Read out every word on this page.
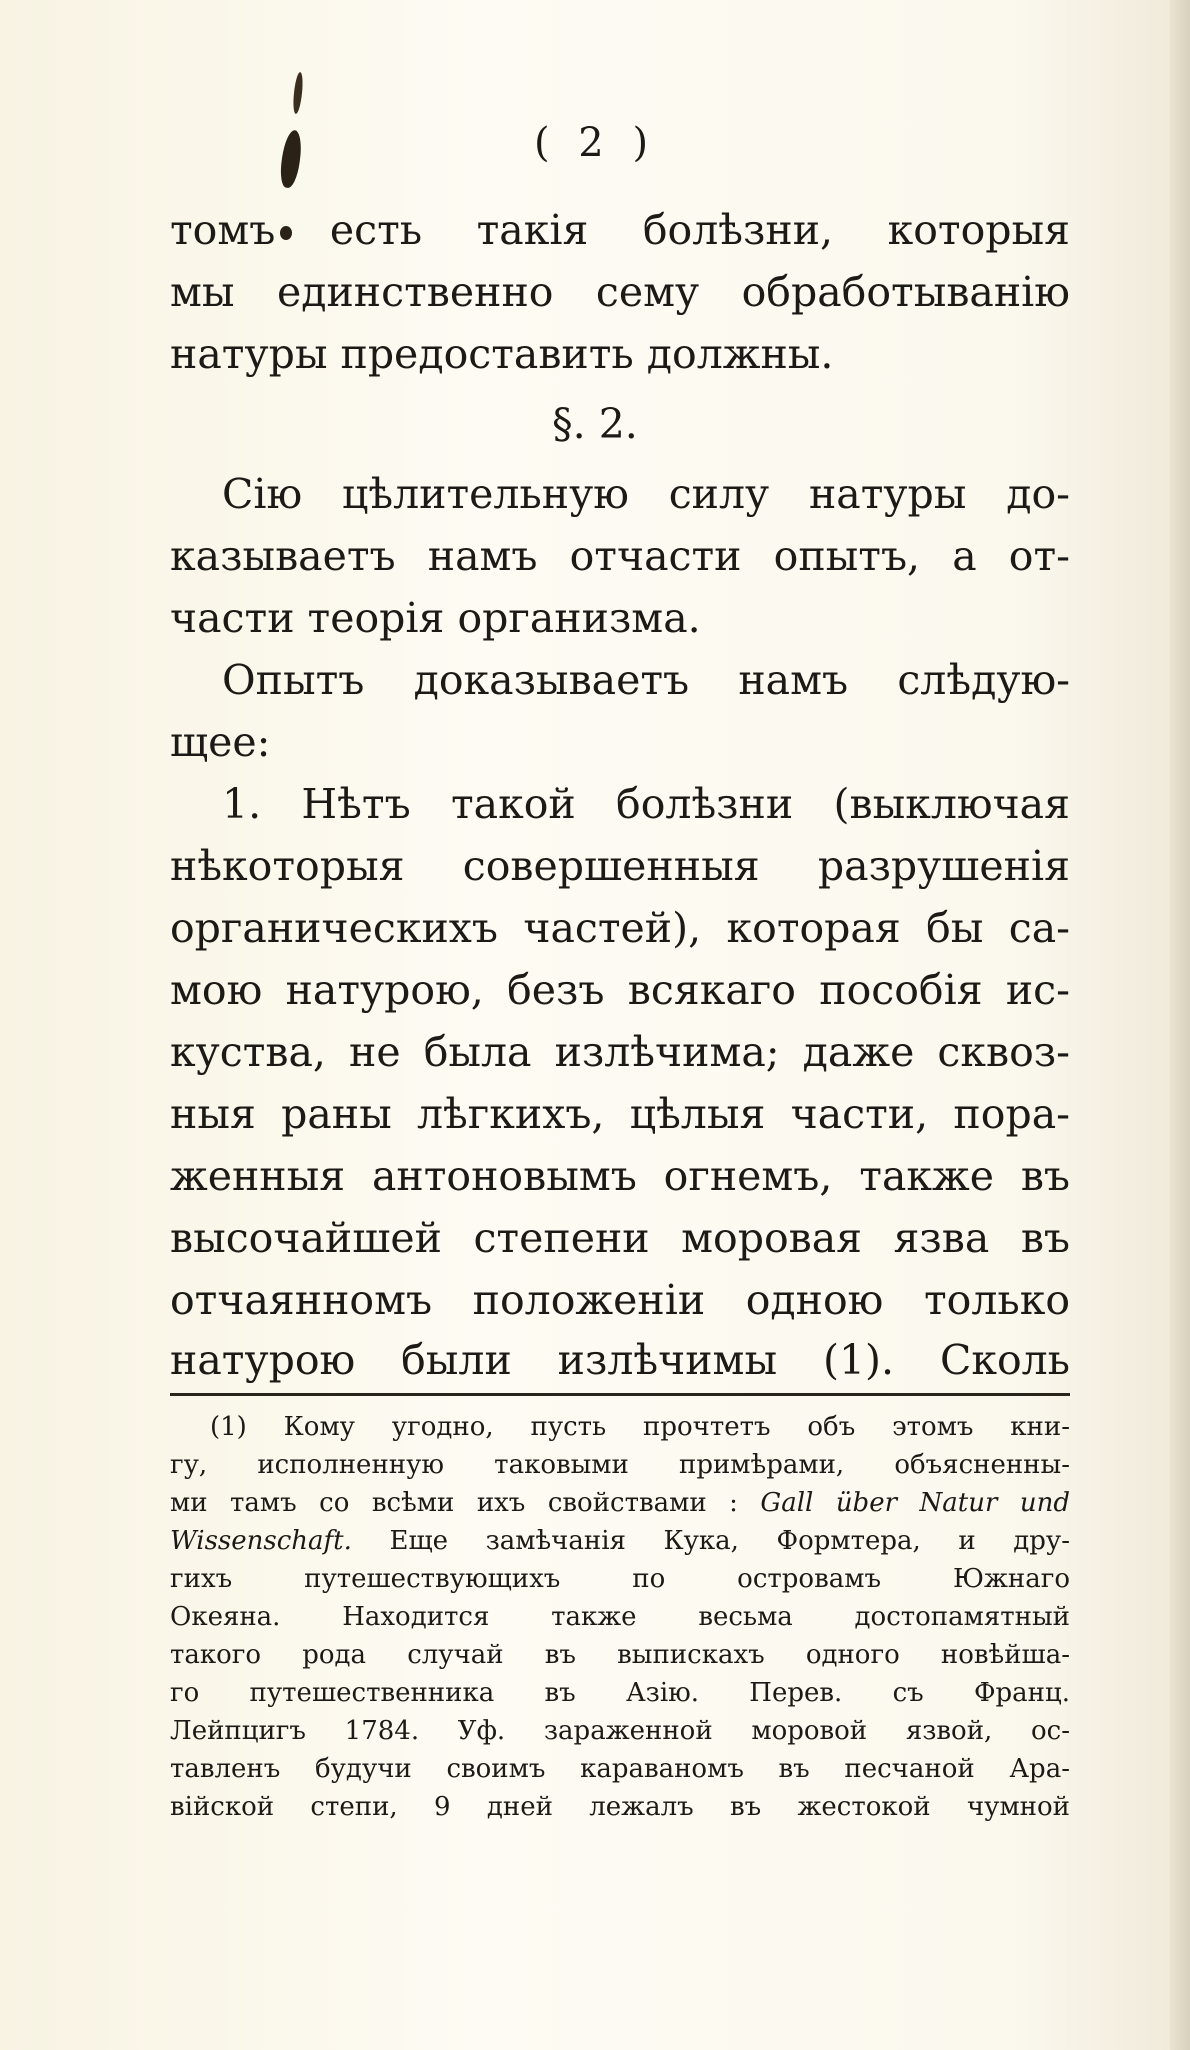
( 2 )
томъ есть такія болѣзни, которыя
мы единственно сему обработыванію
натуры предоставить должны.
§. 2.
Сію цѣлительную силу натуры до-
казываетъ намъ отчасти опытъ, а от-
части теорія организма.
Опытъ доказываетъ намъ слѣдую-
щее:
1. Нѣтъ такой болѣзни (выключая
нѣкоторыя совершенныя разрушенія
органическихъ частей), которая бы са-
мою натурою, безъ всякаго пособія ис-
куства, не была излѣчима; даже сквоз-
ныя раны лѣгкихъ, цѣлыя части, пора-
женныя антоновымъ огнемъ, также въ
высочайшей степени моровая язва въ
отчаянномъ положеніи одною только
натурою были излѣчимы (1). Сколь
(1) Кому угодно, пусть прочтетъ объ этомъ кни-
гу, исполненную таковыми примѣрами, объясненны-
ми тамъ со всѣми ихъ свойствами : Gall über Natur und
Wissenschaft. Еще замѣчанія Кука, Формтера, и дру-
гихъ путешествующихъ по островамъ Южнаго
Океяна. Находится также весьма достопамятный
такого рода случай въ выпискахъ одного новѣйша-
го путешественника въ Азію. Перев. съ Франц.
Лейпцигъ 1784. Уф. зараженной моровой язвой, ос-
тавленъ будучи своимъ караваномъ въ песчаной Ара-
вiйской степи, 9 дней лежалъ въ жестокой чумной
